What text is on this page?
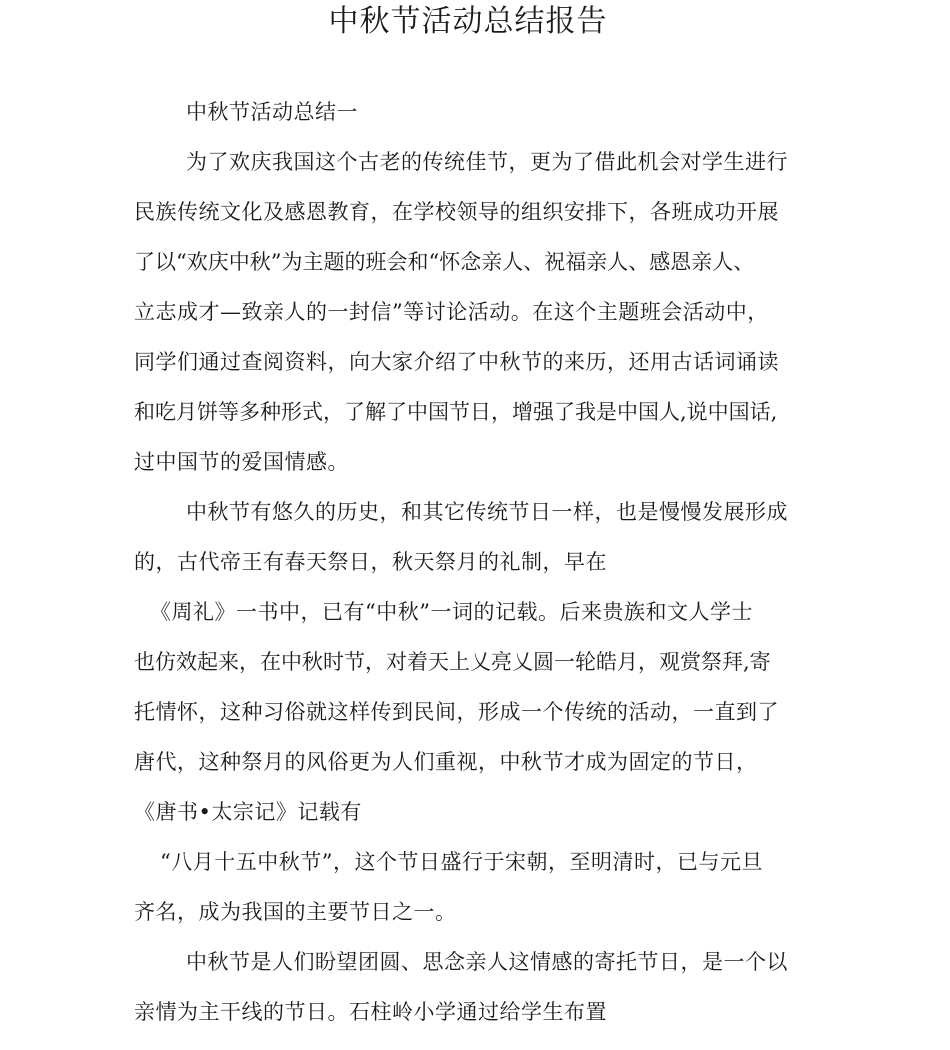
中秋节活动总结报告
中秋节活动总结一
为了欢庆我国这个古老的传统佳节，更为了借此机会对学生进行
民族传统文化及感恩教育，在学校领导的组织安排下，各班成功开展
了以“欢庆中秋”为主题的班会和“怀念亲人、祝福亲人、感恩亲人、
立志成才—致亲人的一封信”等讨论活动。在这个主题班会活动中，
同学们通过查阅资料，向大家介绍了中秋节的来历，还用古话词诵读
和吃月饼等多种形式，了解了中国节日，增强了我是中国人,说中国话,
过中国节的爱国情感。
中秋节有悠久的历史，和其它传统节日一样，也是慢慢发展形成
的，古代帝王有春天祭日，秋天祭月的礼制，早在
《周礼》一书中，已有“中秋”一词的记载。后来贵族和文人学士
也仿效起来，在中秋时节，对着天上乂亮乂圆一轮皓月，观赏祭拜,寄
托情怀，这种习俗就这样传到民间，形成一个传统的活动，一直到了
唐代，这种祭月的风俗更为人们重视，中秋节才成为固定的节日，
《唐书•太宗记》记载有
“八月十五中秋节”，这个节日盛行于宋朝，至明清时，已与元旦
齐名，成为我国的主要节日之一。
中秋节是人们盼望团圆、思念亲人这情感的寄托节日，是一个以
亲情为主干线的节日。石柱岭小学通过给学生布置
